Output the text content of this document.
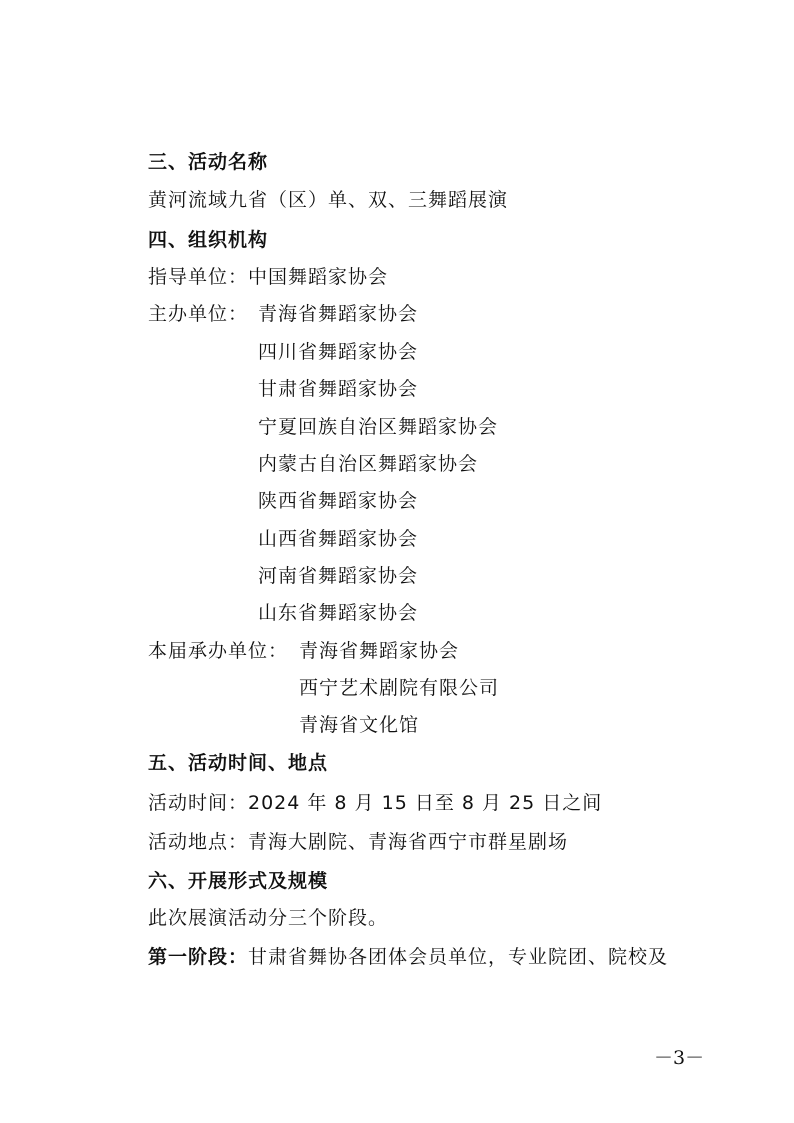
三、活动名称
黄河流域九省（区）单、双、三舞蹈展演
四、组织机构
指导单位：中国舞蹈家协会
主办单位： 青海省舞蹈家协会
四川省舞蹈家协会
甘肃省舞蹈家协会
宁夏回族自治区舞蹈家协会
内蒙古自治区舞蹈家协会
陕西省舞蹈家协会
山西省舞蹈家协会
河南省舞蹈家协会
山东省舞蹈家协会
本届承办单位： 青海省舞蹈家协会
西宁艺术剧院有限公司
青海省文化馆
五、活动时间、地点
活动时间：2024 年 8 月 15 日至 8 月 25 日之间
活动地点：青海大剧院、青海省西宁市群星剧场
六、开展形式及规模
此次展演活动分三个阶段。
第一阶段：甘肃省舞协各团体会员单位，专业院团、院校及
－3－
